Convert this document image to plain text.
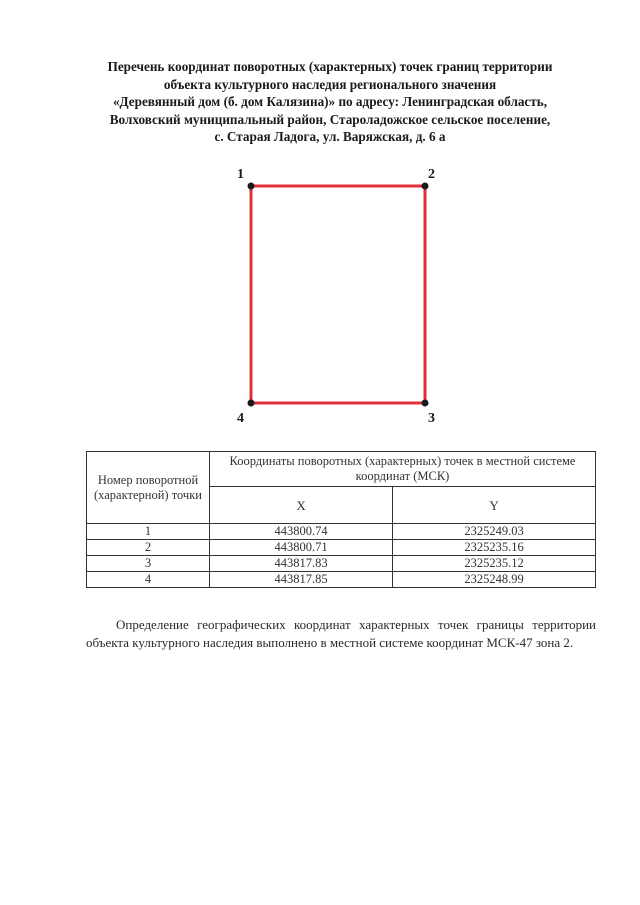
Перечень координат поворотных (характерных) точек границ территории
объекта культурного наследия регионального значения
«Деревянный дом (б. дом Калязина)» по адресу: Ленинградская область,
Волховский муниципальный район, Староладожское сельское поселение,
с. Старая Ладога, ул. Варяжская, д. 6 а
1	2
3
4
Номер поворотной (характерной) точки	Координаты поворотных (характерных) точек в местной системе координат (МСК)	
	X	Y
1	443800.74	2325249.03
2	443800.71	2325235.16
3	443817.83	2325235.12
4	443817.85	2325248.99
Определение географических координат характерных точек границы территории объекта культурного наследия выполнено в местной системе координат МСК-47 зона 2.
